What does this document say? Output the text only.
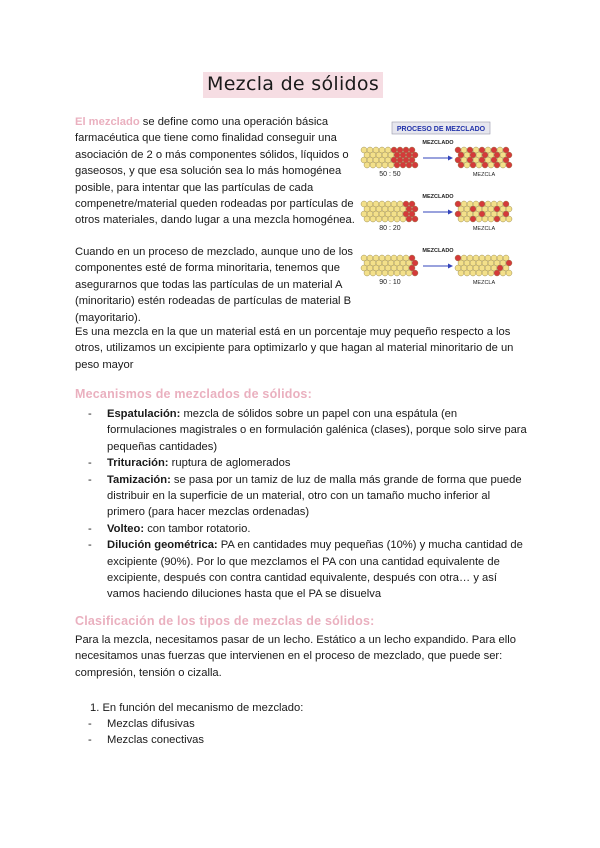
Mezcla de sólidos

El mezclado se define como una operación básica farmacéutica que tiene como finalidad conseguir una asociación de 2 o más componentes sólidos, líquidos o gaseosos, y que esa solución sea lo más homogénea posible, para intentar que las partículas de cada compenetre/material queden rodeadas por partículas de otros materiales, dando lugar a una mezcla homogénea.

Cuando en un proceso de mezclado, aunque uno de los componentes esté de forma minoritaria, tenemos que asegurarnos que todas las partículas de un material A (minoritario) estén rodeadas de partículas de material B (mayoritario).

Es una mezcla en la que un material está en un porcentaje muy pequeño respecto a los otros, utilizamos un excipiente para optimizarlo y que hagan al material minoritario de un peso mayor

PROCESO DE MEZCLADO
MEZCLADO
50 : 50	MEZCLA
MEZCLADO
80 : 20	MEZCLA
MEZCLADO
90 : 10	MEZCLA
Mecanismos de mezclados de sólidos:
- Espatulación: mezcla de sólidos sobre un papel con una espátula (en formulaciones magistrales o en formulación galénica (clases), porque solo sirve para pequeñas cantidades)
- Trituración: ruptura de aglomerados
- Tamización: se pasa por un tamiz de luz de malla más grande de forma que puede distribuir en la superficie de un material, otro con un tamaño mucho inferior al primero (para hacer mezclas ordenadas)
- Volteo: con tambor rotatorio.
- Dilución geométrica: PA en cantidades muy pequeñas (10%) y mucha cantidad de excipiente (90%). Por lo que mezclamos el PA con una cantidad equivalente de excipiente, después con contra cantidad equivalente, después con otra… y así vamos haciendo diluciones hasta que el PA se disuelva
Clasificación de los tipos de mezclas de sólidos:

Para la mezcla, necesitamos pasar de un lecho. Estático a un lecho expandido. Para ello necesitamos unas fuerzas que intervienen en el proceso de mezclado, que puede ser: compresión, tensión o cizalla.

1. En función del mecanismo de mezclado:
- Mezclas difusivas
- Mezclas conectivas
